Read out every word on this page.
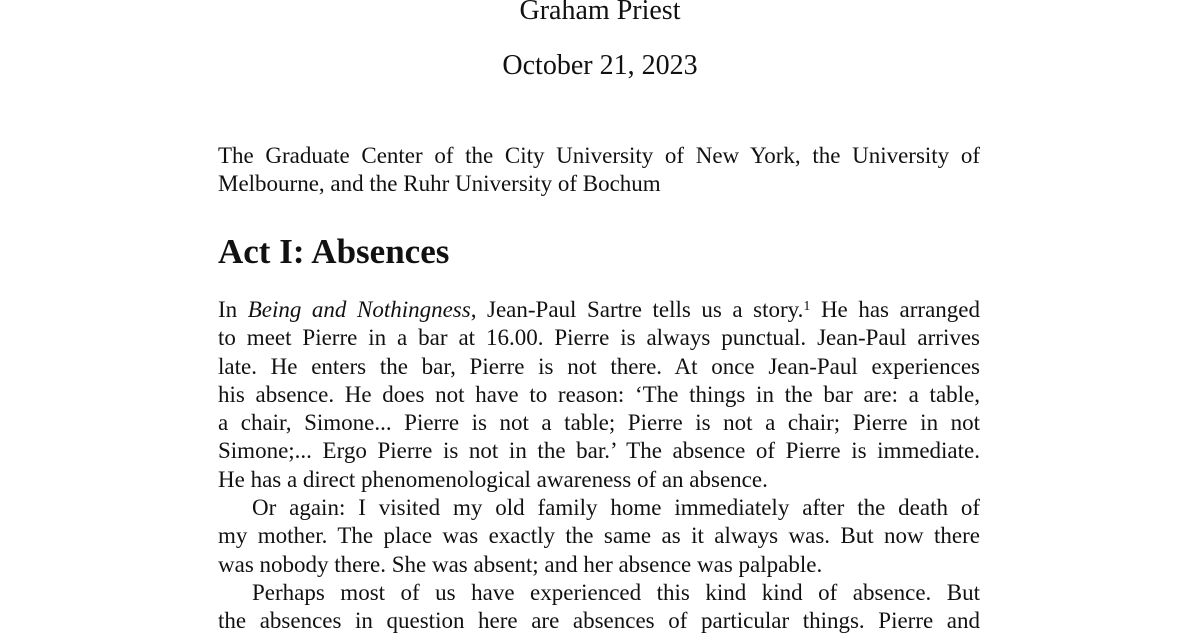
Graham Priest
October 21, 2023
The Graduate Center of the City University of New York, the University of
Melbourne, and the Ruhr University of Bochum
Act I: Absences
In Being and Nothingness, Jean-Paul Sartre tells us a story.$^1$ He has arranged
to meet Pierre in a bar at 16.00. Pierre is always punctual. Jean-Paul arrives
late. He enters the bar, Pierre is not there. At once Jean-Paul experiences
his absence. He does not have to reason: ‘The things in the bar are: a table,
a chair, Simone... Pierre is not a table; Pierre is not a chair; Pierre in not
Simone;... Ergo Pierre is not in the bar.’ The absence of Pierre is immediate.
He has a direct phenomenological awareness of an absence.
Or again: I visited my old family home immediately after the death of
my mother. The place was exactly the same as it always was. But now there
was nobody there. She was absent; and her absence was palpable.
Perhaps most of us have experienced this kind kind of absence. But
the absences in question here are absences of particular things. Pierre and
